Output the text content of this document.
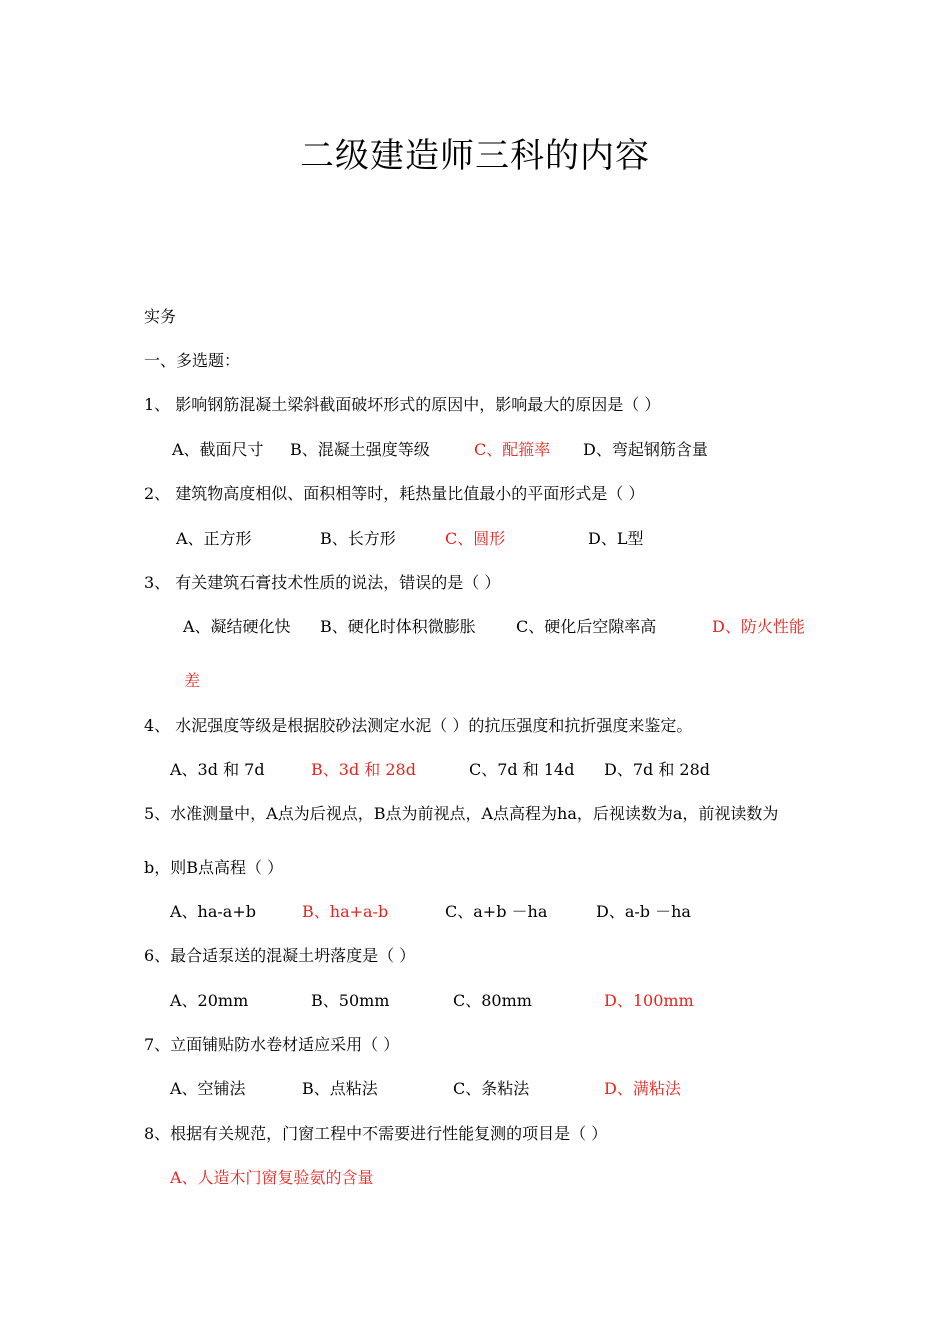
二级建造师三科的内容
实务
一、多选题：
1、 影响钢筋混凝土梁斜截面破坏形式的原因中，影响最大的原因是（ ）
A、截面尺寸 B、混凝土强度等级	C、配箍率 D、弯起钢筋含量
2、 建筑物高度相似、面积相等时，耗热量比值最小的平面形式是（ ）
A、正方形	B、长方形	C、圆形	D、L型
3、 有关建筑石膏技术性质的说法，错误的是（ ）
A、凝结硬化快 B、硬化时体积微膨胀	C、硬化后空隙率高	D、防火性能
差
4、 水泥强度等级是根据胶砂法测定水泥（ ）的抗压强度和抗折强度来鉴定。
A、3d 和 7d	B、3d 和 28d	C、7d 和 14d D、7d 和 28d
5、水准测量中，A点为后视点，B点为前视点，A点高程为ha，后视读数为a，前视读数为
b，则B点高程（ ）
A、ha-a+b	B、ha+a-b	C、a+b －ha	D、a-b －ha
6、最合适泵送的混凝土坍落度是（ ）
A、20mm	B、50mm	C、80mm	D、100mm
7、立面铺贴防水卷材适应采用（ ）
A、空铺法	B、点粘法	C、条粘法	D、满粘法
8、根据有关规范，门窗工程中不需要进行性能复测的项目是（ ）
A、人造木门窗复验氨的含量
